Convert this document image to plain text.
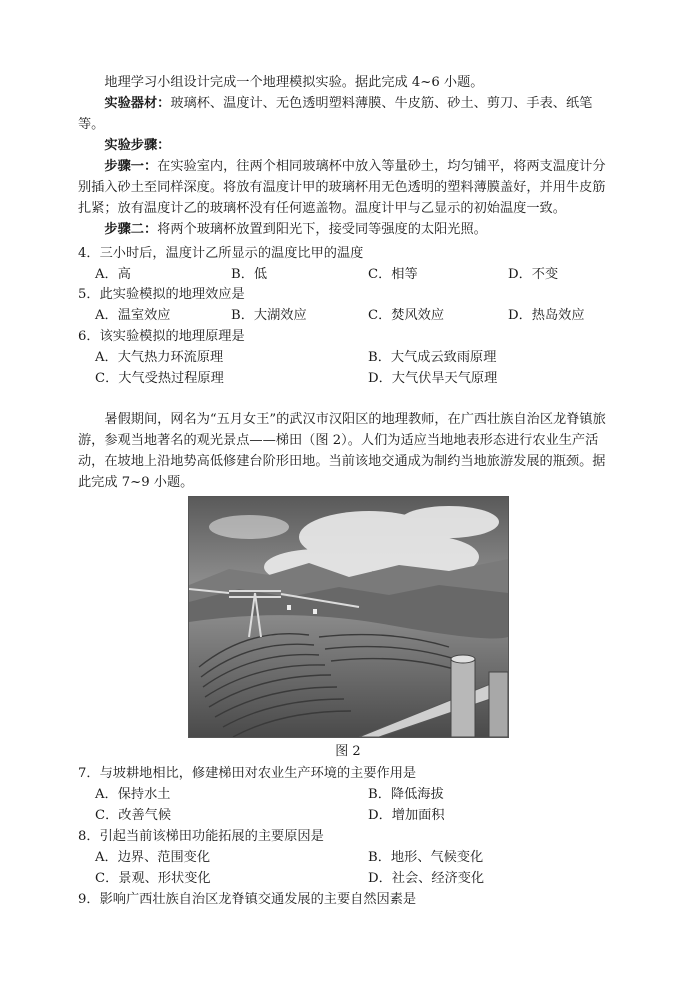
地理学习小组设计完成一个地理模拟实验。据此完成 4~6 小题。

实验器材：玻璃杯、温度计、无色透明塑料薄膜、牛皮筋、砂土、剪刀、手表、纸笔等。

实验步骤：

步骤一：在实验室内，往两个相同玻璃杯中放入等量砂土，均匀铺平，将两支温度计分别插入砂土至同样深度。将放有温度计甲的玻璃杯用无色透明的塑料薄膜盖好，并用牛皮筋扎紧；放有温度计乙的玻璃杯没有任何遮盖物。温度计甲与乙显示的初始温度一致。

步骤二：将两个玻璃杯放置到阳光下，接受同等强度的太阳光照。

4．三小时后，温度计乙所显示的温度比甲的温度
A．高	B．低	C．相等	D．不变
5．此实验模拟的地理效应是
A．温室效应	B．大湖效应	C．焚风效应	D．热岛效应
6．该实验模拟的地理原理是
A．大气热力环流原理	B．大气成云致雨原理
C．大气受热过程原理	D．大气伏旱天气原理

暑假期间，网名为“五月女王”的武汉市汉阳区的地理教师，在广西壮族自治区龙脊镇旅游，参观当地著名的观光景点——梯田（图 2）。人们为适应当地地表形态进行农业生产活动，在坡地上沿地势高低修建台阶形田地。当前该地交通成为制约当地旅游发展的瓶颈。据此完成 7~9 小题。

图 2
7．与坡耕地相比，修建梯田对农业生产环境的主要作用是
A．保持水土	B．降低海拔
C．改善气候	D．增加面积
8．引起当前该梯田功能拓展的主要原因是
A．边界、范围变化	B．地形、气候变化
C．景观、形状变化	D．社会、经济变化
9．影响广西壮族自治区龙脊镇交通发展的主要自然因素是
